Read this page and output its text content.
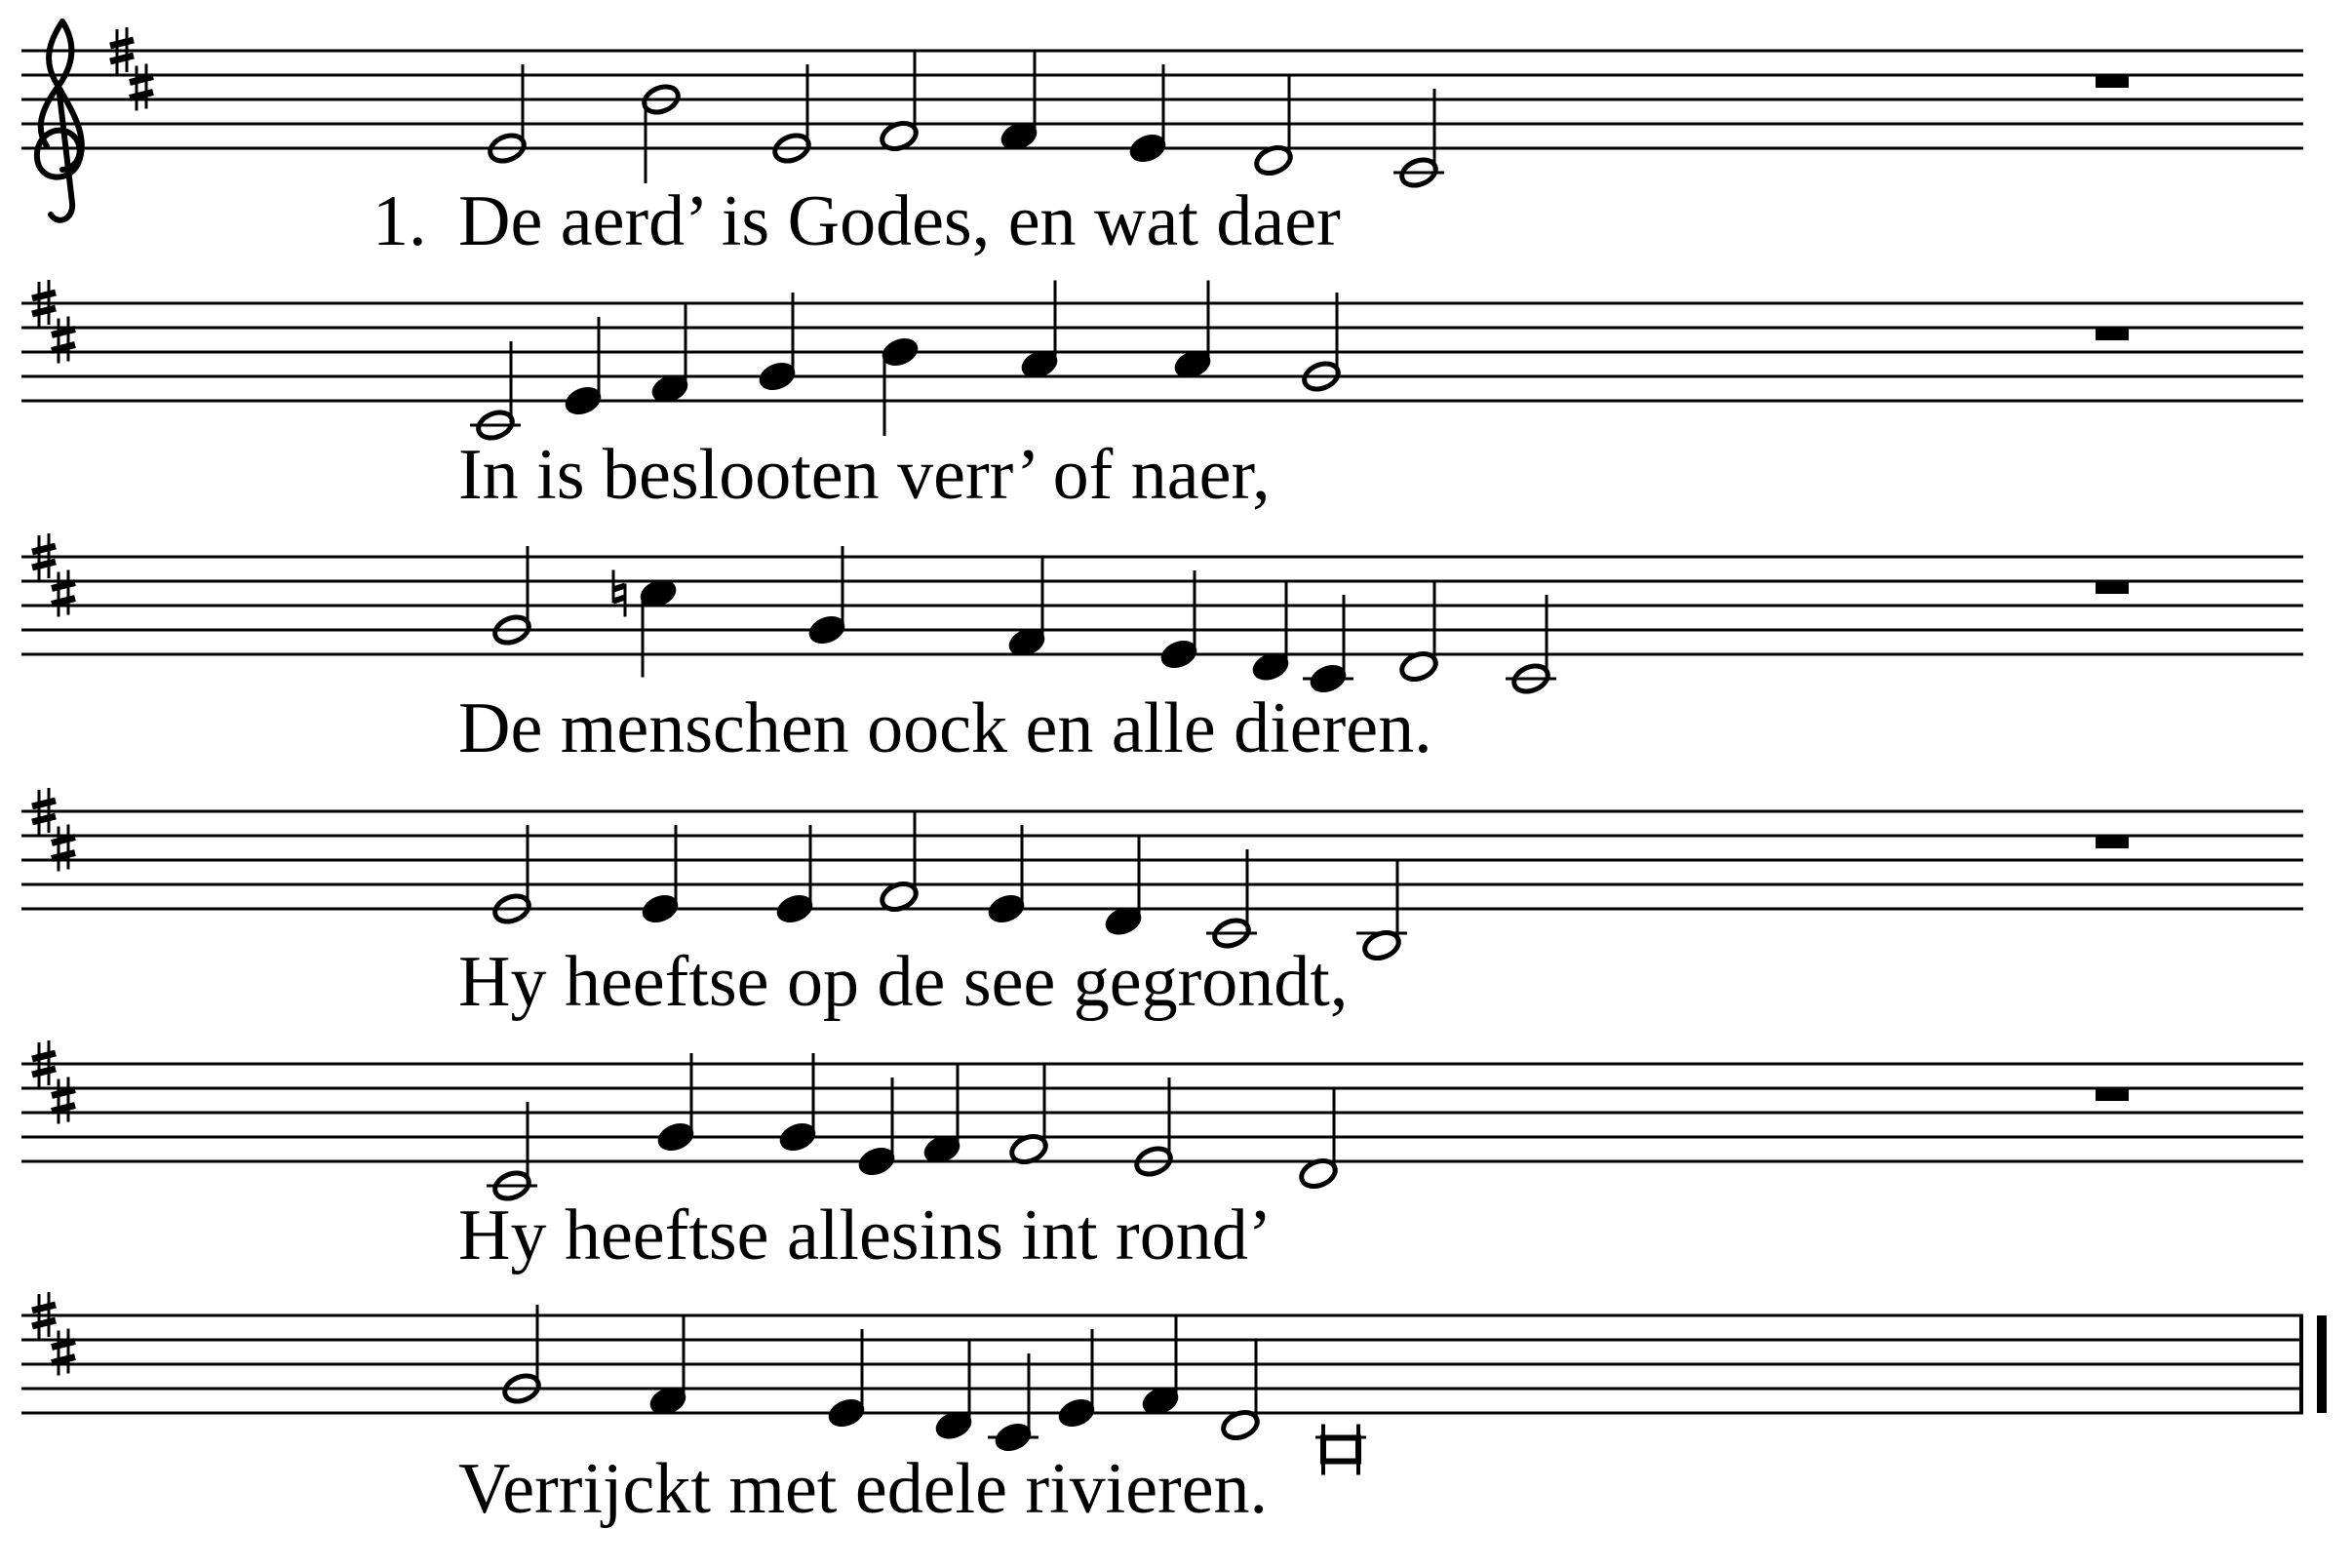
De aerd’ is Godes, en wat daer
In is beslooten verr’ of naer,
De menschen oock en alle dieren.
Hy heeftse op de see gegrondt,
Hy heeftse allesins int rond’
Verrijckt met edele rivieren.
1.
